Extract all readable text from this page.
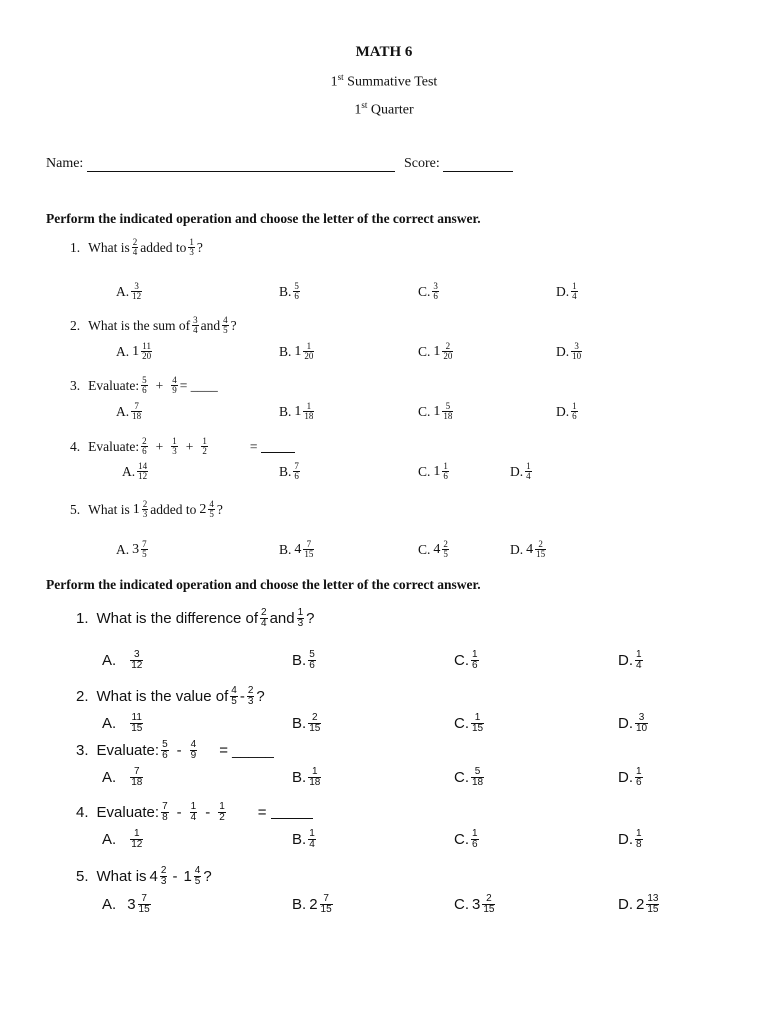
MATH 6
1st Summative Test
1st Quarter
Name:	Score:
Perform the indicated operation and choose the letter of the correct answer.
1. What is $\frac{2}{4}$ added to $\frac{1}{3}$ ?
A. $\frac{3}{12}$	B. $\frac{5}{6}$	C. $\frac{3}{6}$	D. $\frac{1}{4}$
2. What is the sum of $\frac{3}{4}$ and $\frac{4}{5}$ ?
A. $1 \frac{11}{20}$	B. $1 \frac{1}{20}$	C. $1 \frac{2}{20}$	D. $\frac{3}{10}$
3. Evaluate: $\frac{5}{6} + \frac{4}{9}$ = ____
A. $\frac{7}{18}$	B. $1 \frac{1}{18}$	C. $1 \frac{5}{18}$	D. $\frac{1}{6}$
4. Evaluate: $\frac{2}{6} + \frac{1}{3} + \frac{1}{2}$	=
A. $\frac{14}{12}$	B. $\frac{7}{6}$	C. $1 \frac{1}{6}$	D. $\frac{1}{4}$
5. What is $1 \frac{2}{3}$ added to $2 \frac{4}{5}$ ?
A. $3 \frac{7}{5}$	B. $4 \frac{7}{15}$	C. $4 \frac{2}{5}$	D. $4 \frac{2}{15}$
Perform the indicated operation and choose the letter of the correct answer.
1. What is the difference of $\frac{2}{4}$ and $\frac{1}{3}$ ?
A. $\frac{3}{12}$	B. $\frac{5}{6}$	C. $\frac{1}{6}$	D. $\frac{1}{4}$
2. What is the value of $\frac{4}{5} - \frac{2}{3}$ ?
A. $\frac{11}{15}$	B. $\frac{2}{15}$	C. $\frac{1}{15}$	D. $\frac{3}{10}$
3. Evaluate: $\frac{5}{6} - \frac{4}{9}$ = _____
A. $\frac{7}{18}$	B. $\frac{1}{18}$	C. $\frac{5}{18}$	D. $\frac{1}{6}$
4. Evaluate: $\frac{7}{8} - \frac{1}{4} - \frac{1}{2}$ =
A. $\frac{1}{12}$	B. $\frac{1}{4}$	C. $\frac{1}{6}$	D. $\frac{1}{8}$
5. What is $4 \frac{2}{3} - 1 \frac{4}{5}$ ?
A. $3 \frac{7}{15}$	B. $2 \frac{7}{15}$	C. $3 \frac{2}{15}$	D. $2 \frac{13}{15}$
